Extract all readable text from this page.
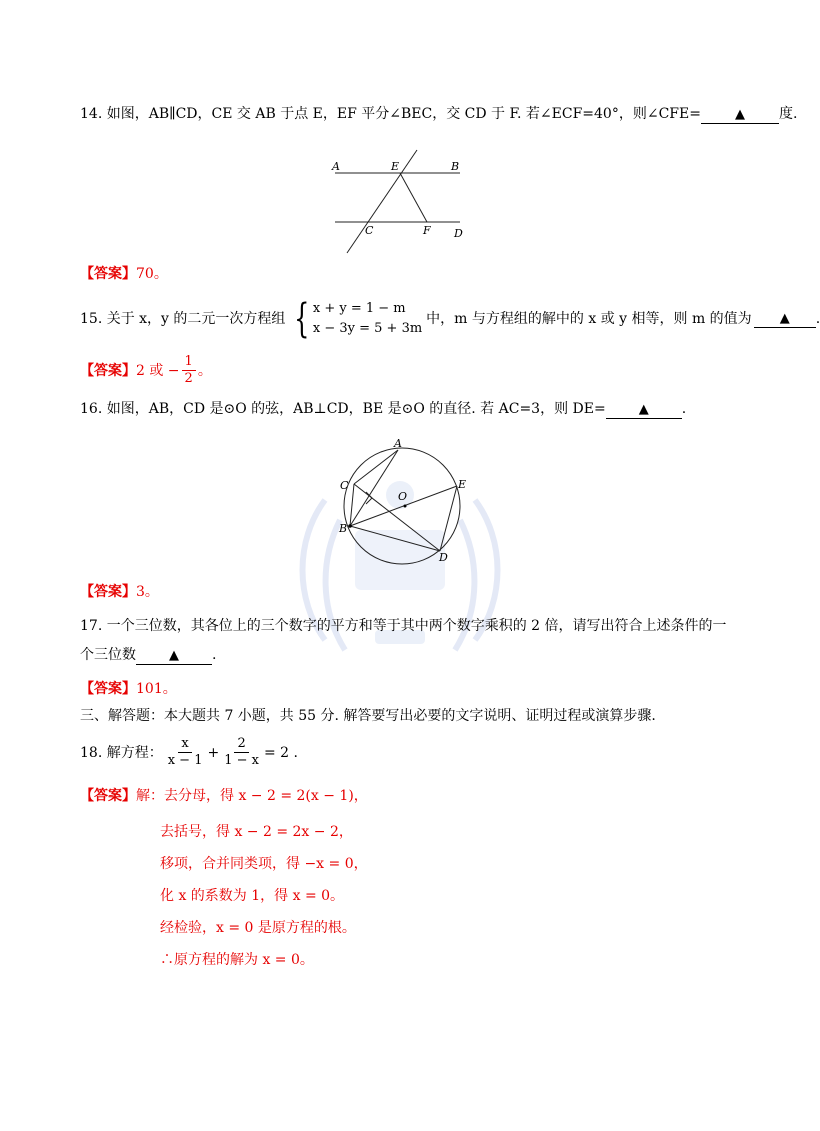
14. 如图，AB∥CD，CE 交 AB 于点 E，EF 平分∠BEC，交 CD 于 F. 若∠ECF=40°，则∠CFE=	▲ 度.
A	E	B
C	F D
【答案】70。
15. 关于 x，y 的二元一次方程组 { x + y = 1 − m
x − 3y = 5 + 3m
中，m 与方程组的解中的 x 或 y 相等，则 m 的值为	▲	.
【答案】 2 或 − $\frac{1}{2}$ 。
16. 如图，AB，CD 是⊙O 的弦，AB⊥CD，BE 是⊙O 的直径. 若 AC=3，则 DE=	▲ .
A
C
O
E
B
D
【答案】3。
17. 一个三位数，其各位上的三个数字的平方和等于其中两个数字乘积的 2 倍，请写出符合上述条件的一
个三位数	▲ .
【答案】101。
三、解答题：本大题共 7 小题，共 55 分. 解答要写出必要的文字说明、证明过程或演算步骤.
18. 解方程： $\frac{x}{x - 1} + \frac{2}{1 - x} = 2$ .
【答案】解：去分母，得 x − 2 = 2(x − 1)，
去括号，得 x − 2 = 2x − 2，
移项，合并同类项，得 −x = 0，
化 x 的系数为 1，得 x = 0。
经检验，x = 0 是原方程的根。
∴原方程的解为 x = 0。
